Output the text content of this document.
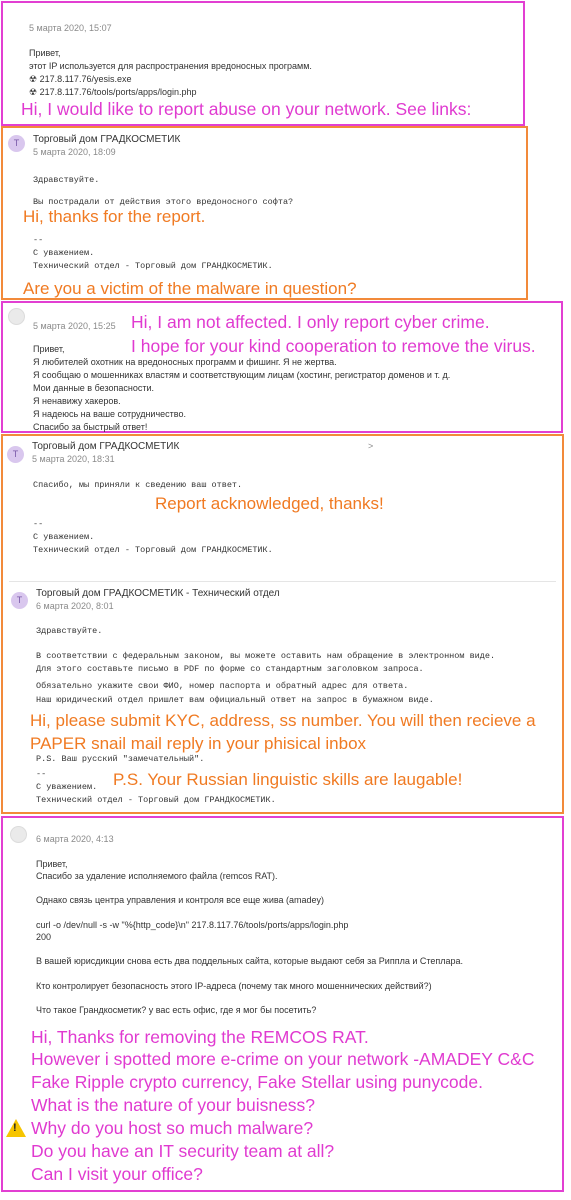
5 марта 2020, 15:07
Привет,
этот IP используется для распространения вредоносных программ.
☢ 217.8.117.76/yesis.exe
☢ 217.8.117.76/tools/ports/apps/login.php
Hi, I would like to report abuse on your network. See links:
Т	Торговый дом ГРАДКОСМЕТИК
5 марта 2020, 18:09
Здравствуйте.
Вы пострадали от действия этого вредоносного софта?
Hi, thanks for the report.
--
С уважением.
Технический отдел - Торговый дом ГРАНДКОСМЕТИК.
Are you a victim of the malware in question?
5 марта 2020, 15:25 Hi, I am not affected. I only report cyber crime.
I hope for your kind cooperation to remove the virus.
Привет,
Я любителей охотник на вредоносных программ и фишинг. Я не жертва.
Я сообщаю о мошенниках властям и соответствующим лицам (хостинг, регистратор доменов и т. д.
Мои данные в безопасности.
Я ненавижу хакеров.
Я надеюсь на ваше сотрудничество.
Спасибо за быстрый ответ!
Т
Торговый дом ГРАДКОСМЕТИК	>
5 марта 2020, 18:31
Спасибо, мы приняли к сведению ваш ответ.
Report acknowledged, thanks!
--
С уважением.
Технический отдел - Торговый дом ГРАНДКОСМЕТИК.
Т
Торговый дом ГРАДКОСМЕТИК - Технический отдел
6 марта 2020, 8:01
Здравствуйте.
В соответствии с федеральным законом, вы можете оставить нам обращение в электронном виде.
Для этого составьте письмо в PDF по форме со стандартным заголовком запроса.
Обязательно укажите свои ФИО, номер паспорта и обратный адрес для ответа.
Наш юридический отдел пришлет вам официальный ответ на запрос в бумажном виде.
Hi, please submit KYC, address, ss number. You will then recieve a
PAPER snail mail reply in your phisical inbox
P.S. Ваш русский "замечательный".
--
С уважением. P.S. Your Russian linguistic skills are laugable!
Технический отдел - Торговый дом ГРАНДКОСМЕТИК.
6 марта 2020, 4:13
Привет,
Спасибо за удаление исполняемого файла (remcos RAT).
Однако связь центра управления и контроля все еще жива (amadey)
curl -o /dev/null -s -w "%{http_code}\n" 217.8.117.76/tools/ports/apps/login.php
200
В вашей юрисдикции снова есть два поддельных сайта, которые выдают себя за Риппла и Степлара.
Кто контролирует безопасность этого IP-адреса (почему так много мошеннических действий?)
Что такое Грандкосметик? у вас есть офис, где я мог бы посетить?
Hi, Thanks for removing the REMCOS RAT.
However i spotted more e-crime on your network -AMADEY C&C
Fake Ripple crypto currency, Fake Stellar using punycode.
What is the nature of your buisness?
! Why do you host so much malware?
Do you have an IT security team at all?
Can I visit your office?
